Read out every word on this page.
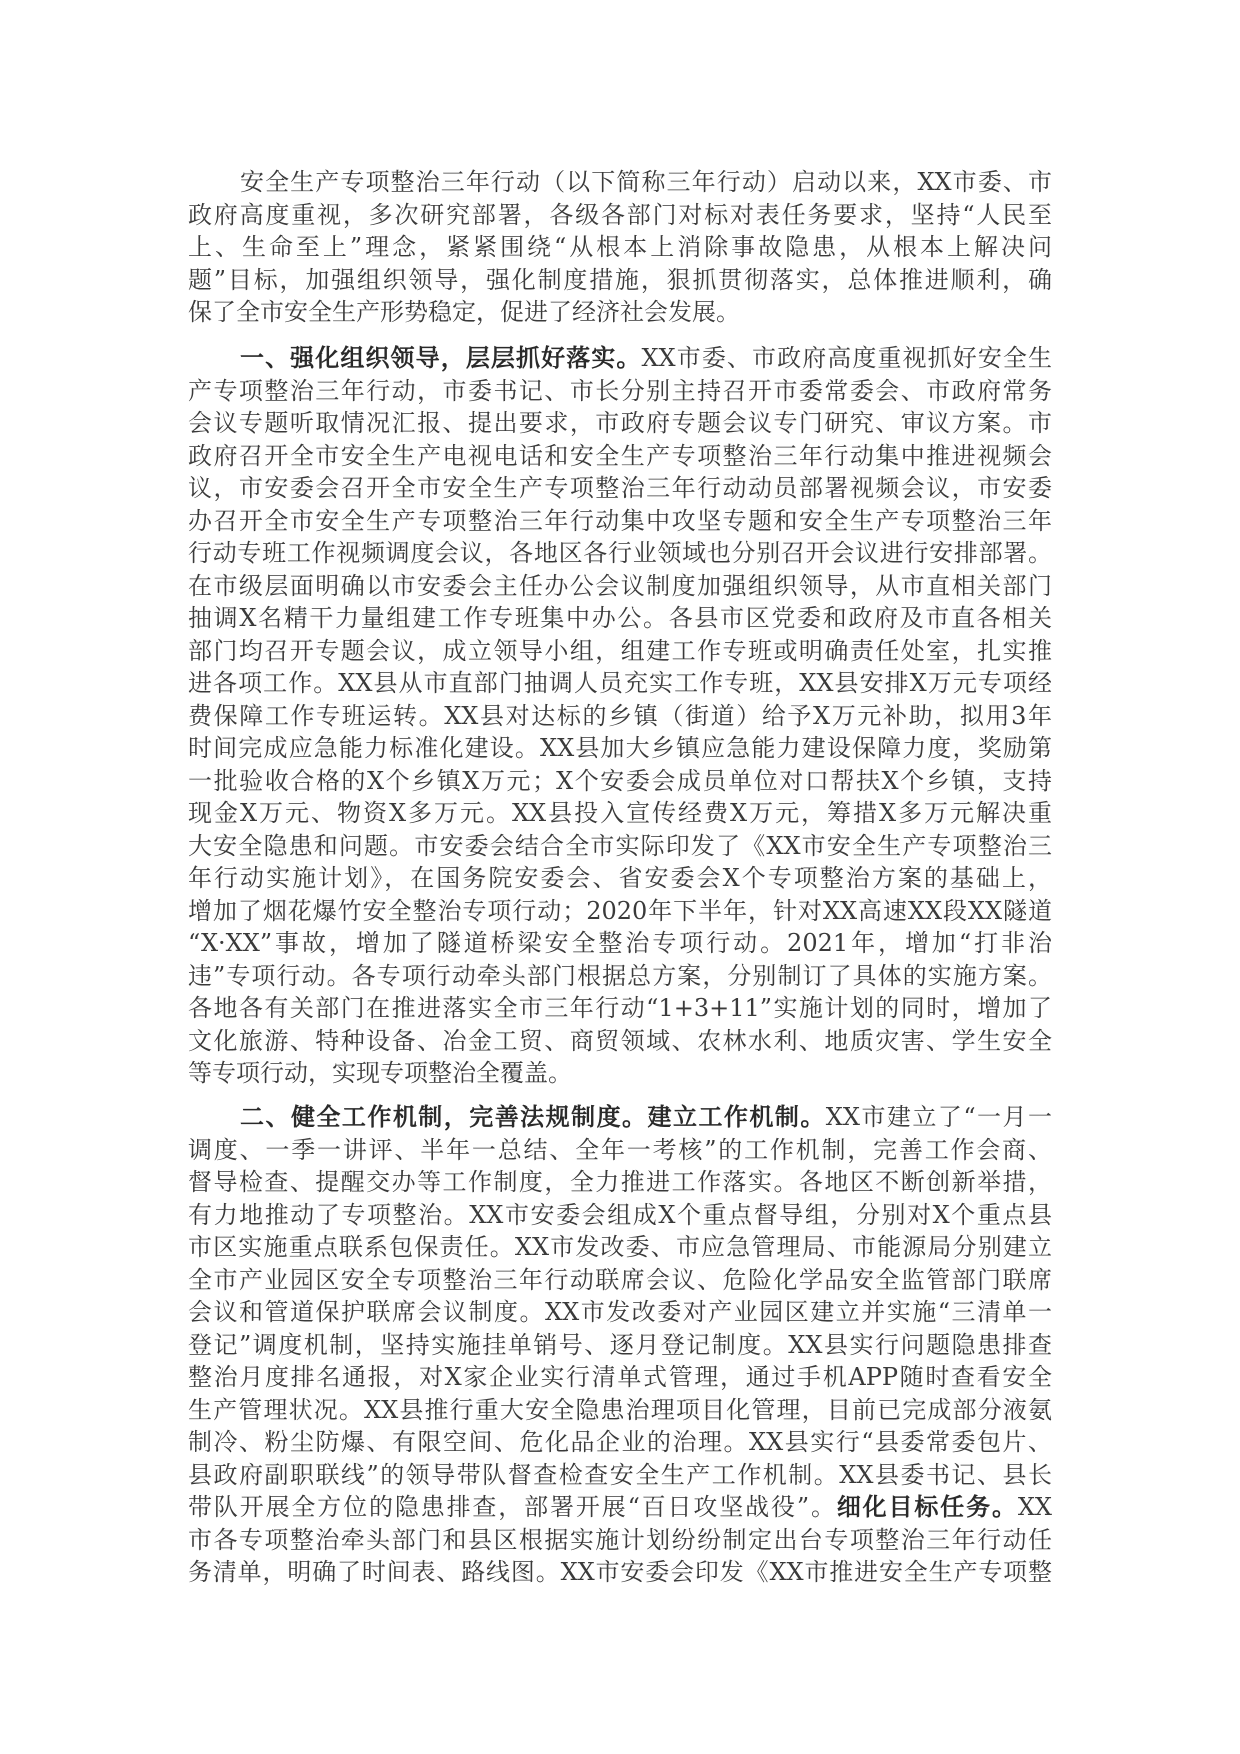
安全生产专项整治三年行动（以下简称三年行动）启动以来，XX市委、市
政府高度重视，多次研究部署，各级各部门对标对表任务要求，坚持“人民至
上、生命至上”理念，紧紧围绕“从根本上消除事故隐患，从根本上解决问
题”目标，加强组织领导，强化制度措施，狠抓贯彻落实，总体推进顺利，确
保了全市安全生产形势稳定，促进了经济社会发展。
一、强化组织领导，层层抓好落实。XX市委、市政府高度重视抓好安全生
产专项整治三年行动，市委书记、市长分别主持召开市委常委会、市政府常务
会议专题听取情况汇报、提出要求，市政府专题会议专门研究、审议方案。市
政府召开全市安全生产电视电话和安全生产专项整治三年行动集中推进视频会
议，市安委会召开全市安全生产专项整治三年行动动员部署视频会议，市安委
办召开全市安全生产专项整治三年行动集中攻坚专题和安全生产专项整治三年
行动专班工作视频调度会议，各地区各行业领域也分别召开会议进行安排部署。
在市级层面明确以市安委会主任办公会议制度加强组织领导，从市直相关部门
抽调X名精干力量组建工作专班集中办公。各县市区党委和政府及市直各相关
部门均召开专题会议，成立领导小组，组建工作专班或明确责任处室，扎实推
进各项工作。XX县从市直部门抽调人员充实工作专班，XX县安排X万元专项经
费保障工作专班运转。XX县对达标的乡镇（街道）给予X万元补助，拟用3年
时间完成应急能力标准化建设。XX县加大乡镇应急能力建设保障力度，奖励第
一批验收合格的X个乡镇X万元；X个安委会成员单位对口帮扶X个乡镇，支持
现金X万元、物资X多万元。XX县投入宣传经费X万元，筹措X多万元解决重
大安全隐患和问题。市安委会结合全市实际印发了《XX市安全生产专项整治三
年行动实施计划》，在国务院安委会、省安委会X个专项整治方案的基础上，
增加了烟花爆竹安全整治专项行动；2020年下半年，针对XX高速XX段XX隧道
“X·XX”事故，增加了隧道桥梁安全整治专项行动。2021年，增加“打非治
违”专项行动。各专项行动牵头部门根据总方案，分别制订了具体的实施方案。
各地各有关部门在推进落实全市三年行动“1+3+11”实施计划的同时，增加了
文化旅游、特种设备、冶金工贸、商贸领域、农林水利、地质灾害、学生安全
等专项行动，实现专项整治全覆盖。
二、健全工作机制，完善法规制度。建立工作机制。XX市建立了“一月一
调度、一季一讲评、半年一总结、全年一考核”的工作机制，完善工作会商、
督导检查、提醒交办等工作制度，全力推进工作落实。各地区不断创新举措，
有力地推动了专项整治。XX市安委会组成X个重点督导组，分别对X个重点县
市区实施重点联系包保责任。XX市发改委、市应急管理局、市能源局分别建立
全市产业园区安全专项整治三年行动联席会议、危险化学品安全监管部门联席
会议和管道保护联席会议制度。XX市发改委对产业园区建立并实施“三清单一
登记”调度机制，坚持实施挂单销号、逐月登记制度。XX县实行问题隐患排查
整治月度排名通报，对X家企业实行清单式管理，通过手机APP随时查看安全
生产管理状况。XX县推行重大安全隐患治理项目化管理，目前已完成部分液氨
制冷、粉尘防爆、有限空间、危化品企业的治理。XX县实行“县委常委包片、
县政府副职联线”的领导带队督查检查安全生产工作机制。XX县委书记、县长
带队开展全方位的隐患排查，部署开展“百日攻坚战役”。细化目标任务。XX
市各专项整治牵头部门和县区根据实施计划纷纷制定出台专项整治三年行动任
务清单，明确了时间表、路线图。XX市安委会印发《XX市推进安全生产专项整
